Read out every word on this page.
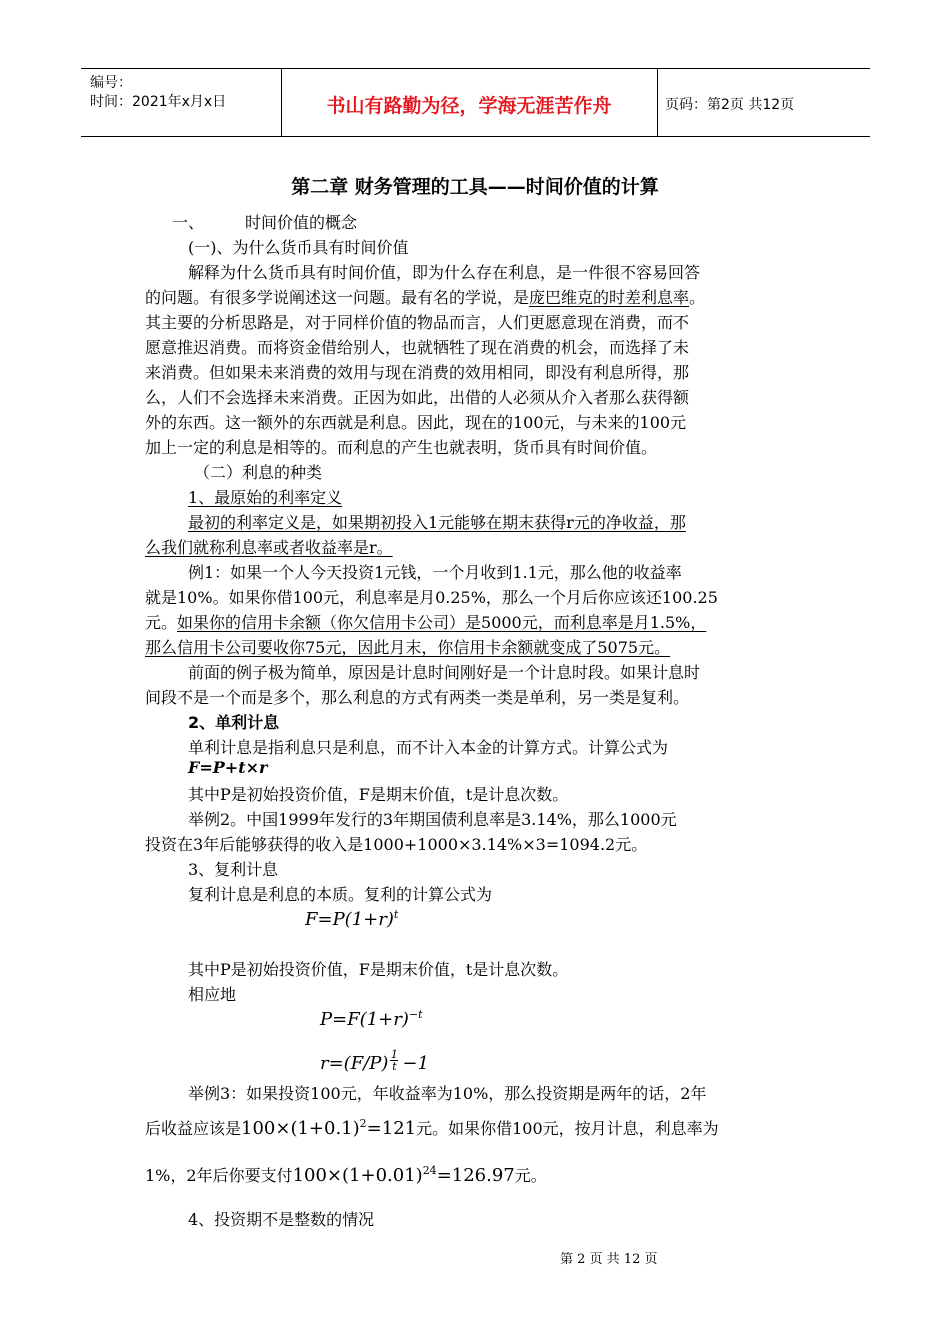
编号：
时间：2021年x月x日	书山有路勤为径，学海无涯苦作舟	页码：第2页 共12页
第二章 财务管理的工具——时间价值的计算
一、	时间价值的概念
(一)、为什么货币具有时间价值
解释为什么货币具有时间价值，即为什么存在利息，是一件很不容易回答
的问题。有很多学说阐述这一问题。最有名的学说，是庞巴维克的时差利息率。
其主要的分析思路是，对于同样价值的物品而言，人们更愿意现在消费，而不
愿意推迟消费。而将资金借给别人，也就牺牲了现在消费的机会，而选择了未
来消费。但如果未来消费的效用与现在消费的效用相同，即没有利息所得，那
么，人们不会选择未来消费。正因为如此，出借的人必须从介入者那么获得额
外的东西。这一额外的东西就是利息。因此，现在的100元，与未来的100元
加上一定的利息是相等的。而利息的产生也就表明，货币具有时间价值。
（二）利息的种类
1、最原始的利率定义
最初的利率定义是，如果期初投入1元能够在期末获得r元的净收益，那
么我们就称利息率或者收益率是r。
例1：如果一个人今天投资1元钱，一个月收到1.1元，那么他的收益率
就是10%。如果你借100元，利息率是月0.25%，那么一个月后你应该还100.25
元。如果你的信用卡余额（你欠信用卡公司）是5000元，而利息率是月1.5%，
那么信用卡公司要收你75元，因此月末，你信用卡余额就变成了5075元。
前面的例子极为简单，原因是计息时间刚好是一个计息时段。如果计息时
间段不是一个而是多个，那么利息的方式有两类一类是单利，另一类是复利。
2、单利计息
单利计息是指利息只是利息，而不计入本金的计算方式。计算公式为
F=P+t×r
其中P是初始投资价值，F是期末价值，t是计息次数。
举例2。中国1999年发行的3年期国债利息率是3.14%，那么1000元
投资在3年后能够获得的收入是1000+1000×3.14%×3=1094.2元。
3、复利计息
复利计息是利息的本质。复利的计算公式为
$F=P(1+r)^t$
其中P是初始投资价值，F是期末价值，t是计息次数。
相应地
$P=F(1+r)^{-t}$
r=(F/P) 1
t −1
举例3：如果投资100元，年收益率为10%，那么投资期是两年的话，2年
后收益应该是$100\times(1+0.1)^2=121$元。如果你借100元，按月计息，利息率为
1%，2年后你要支付$100\times(1+0.01)^{24}=126.97$元。
4、投资期不是整数的情况
第 2 页 共 12 页
